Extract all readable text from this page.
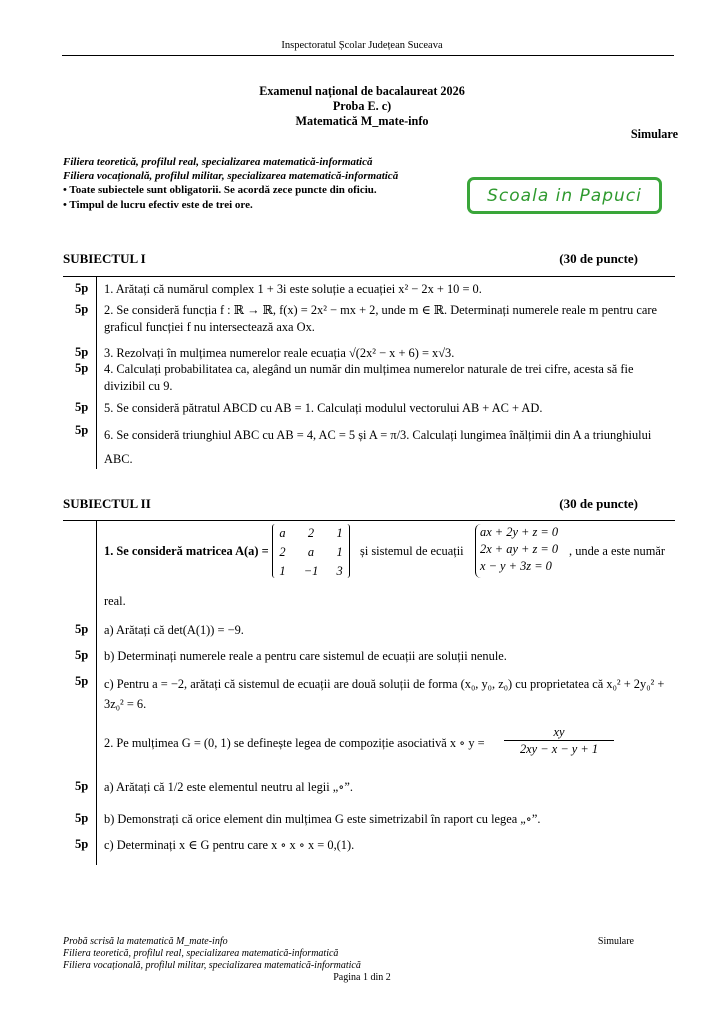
Inspectoratul Școlar Județean Suceava
Examenul național de bacalaureat 2026
Proba E. c)
Matematică M_mate-info
Simulare
Filiera teoretică, profilul real, specializarea matematică-informatică
Filiera vocațională, profilul militar, specializarea matematică-informatică
• Toate subiectele sunt obligatorii. Se acordă zece puncte din oficiu.
• Timpul de lucru efectiv este de trei ore.	Scoala in Papuci
SUBIECTUL I	(30 de puncte)
5p 1. Arătați că numărul complex 1 + 3i este soluție a ecuației x² − 2x + 10 = 0.
5p 2. Se consideră funcția f : ℝ → ℝ, f(x) = 2x² − mx + 2, unde m ∈ ℝ. Determinați numerele reale m pentru care graficul funcției f nu intersectează axa Ox.
5p 3. Rezolvați în mulțimea numerelor reale ecuația √(2x² − x + 6) = x√3.
5p 4. Calculați probabilitatea ca, alegând un număr din mulțimea numerelor naturale de trei cifre, acesta să fie divizibil cu 9.
5p 5. Se consideră pătratul ABCD cu AB = 1. Calculați modulul vectorului AB + AC + AD.
5p 6. Se consideră triunghiul ABC cu AB = 4, AC = 5 și A = π/3. Calculați lungimea înălțimii din A a triunghiului ABC.
SUBIECTUL II	(30 de puncte)
1. Se consideră matricea A(a) =
a	2	1
2	a	1
1	−1	3
și sistemul de ecuații
ax + 2y + z = 0
2x + ay + z = 0
x − y + 3z = 0
, unde a este număr
real.
5p a) Arătați că det(A(1)) = −9.
5p b) Determinați numerele reale a pentru care sistemul de ecuații are soluții nenule.
5p c) Pentru a = −2, arătați că sistemul de ecuații are două soluții de forma (x₀, y₀, z₀) cu proprietatea că x₀² + 2y₀² + 3z₀² = 6.
2. Pe mulțimea G = (0, 1) se definește legea de compoziție asociativă x ∘ $y = \frac{xy}{2xy - x - y + 1}$
5p a) Arătați că 1/2 este elementul neutru al legii „∘”.
5p b) Demonstrați că orice element din mulțimea G este simetrizabil în raport cu legea „∘”.
5p c) Determinați x ∈ G pentru care x ∘ x ∘ x = 0,(1).
Probă scrisă la matematică M_mate-info
Filiera teoretică, profilul real, specializarea matematică-informatică
Filiera vocațională, profilul militar, specializarea matematică-informatică
Simulare
Pagina 1 din 2
